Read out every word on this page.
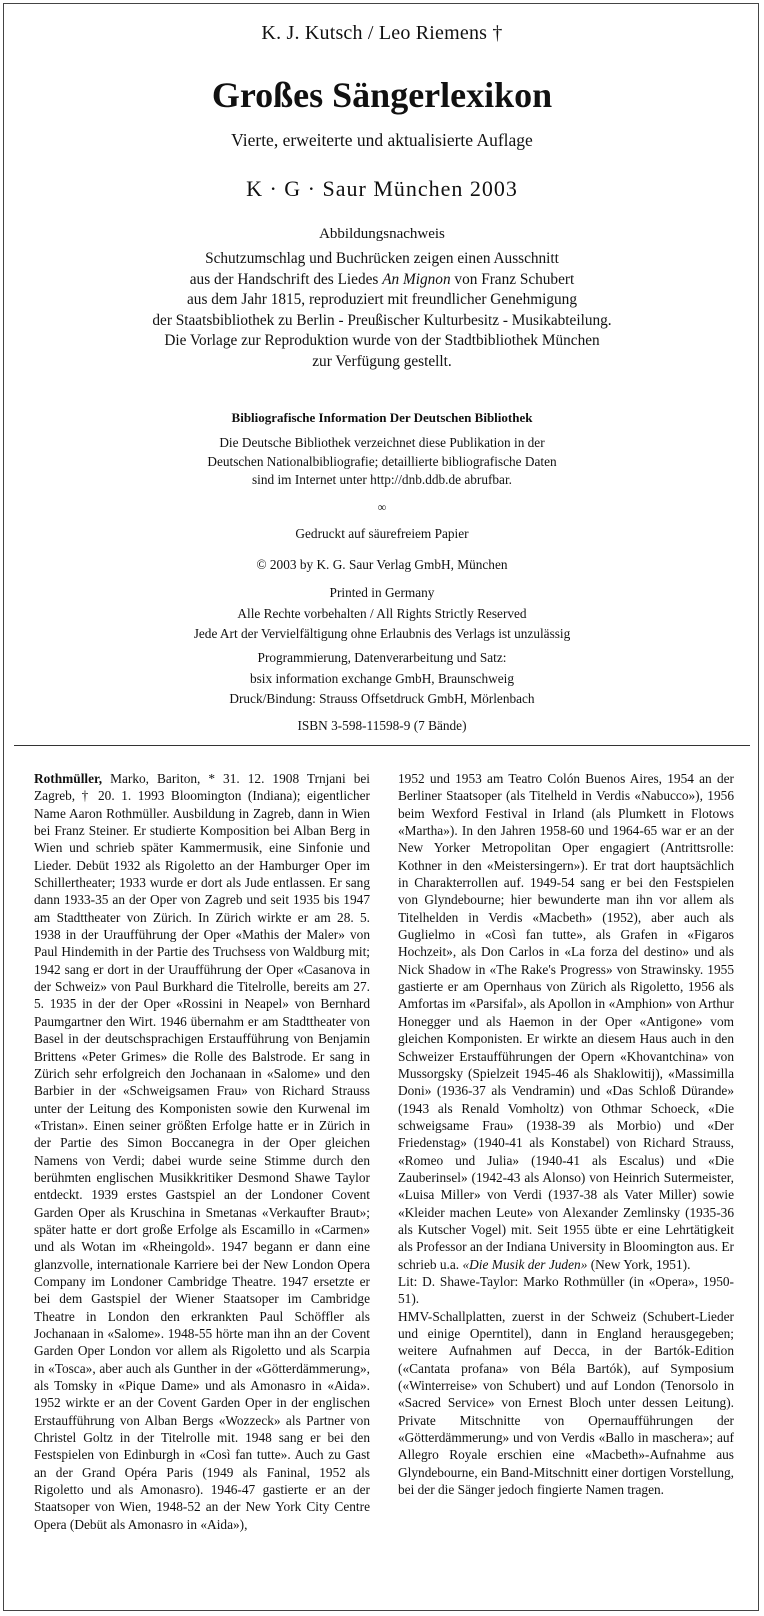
K. J. Kutsch / Leo Riemens †
Großes Sängerlexikon
Vierte, erweiterte und aktualisierte Auflage
K · G · Saur München 2003
Abbildungsnachweis

Schutzumschlag und Buchrücken zeigen einen Ausschnitt

aus der Handschrift des Liedes An Mignon von Franz Schubert

aus dem Jahr 1815, reproduziert mit freundlicher Genehmigung

der Staatsbibliothek zu Berlin - Preußischer Kulturbesitz - Musikabteilung.

Die Vorlage zur Reproduktion wurde von der Stadtbibliothek München

zur Verfügung gestellt.

Bibliografische Information Der Deutschen Bibliothek

Die Deutsche Bibliothek verzeichnet diese Publikation in der

Deutschen Nationalbibliografie; detaillierte bibliografische Daten

sind im Internet unter http://dnb.ddb.de abrufbar.

∞
Gedruckt auf säurefreiem Papier
© 2003 by K. G. Saur Verlag GmbH, München

Printed in Germany

Alle Rechte vorbehalten / All Rights Strictly Reserved

Jede Art der Vervielfältigung ohne Erlaubnis des Verlags ist unzulässig

Programmierung, Datenverarbeitung und Satz:

bsix information exchange GmbH, Braunschweig

Druck/Bindung: Strauss Offsetdruck GmbH, Mörlenbach

ISBN 3-598-11598-9 (7 Bände)

Rothmüller, Marko, Bariton, * 31. 12. 1908 Trnjani bei Zagreb, † 20. 1. 1993 Bloomington (Indiana); eigentlicher Name Aaron Rothmüller. Ausbildung in Zagreb, dann in Wien bei Franz Steiner. Er studierte Komposition bei Alban Berg in Wien und schrieb später Kammermusik, eine Sinfonie und Lieder. Debüt 1932 als Rigoletto an der Hamburger Oper im Schillertheater; 1933 wurde er dort als Jude entlassen. Er sang dann 1933-35 an der Oper von Zagreb und seit 1935 bis 1947 am Stadttheater von Zürich. In Zürich wirkte er am 28. 5. 1938 in der Uraufführung der Oper «Mathis der Maler» von Paul Hindemith in der Partie des Truchsess von Waldburg mit; 1942 sang er dort in der Uraufführung der Oper «Casanova in der Schweiz» von Paul Burkhard die Titelrolle, bereits am 27. 5. 1935 in der der Oper «Rossini in Neapel» von Bernhard Paumgartner den Wirt. 1946 übernahm er am Stadttheater von Basel in der deutschsprachigen Erstaufführung von Benjamin Brittens «Peter Grimes» die Rolle des Balstrode. Er sang in Zürich sehr erfolgreich den Jochanaan in «Salome» und den Barbier in der «Schweigsamen Frau» von Richard Strauss unter der Leitung des Komponisten sowie den Kurwenal im «Tristan». Einen seiner größten Erfolge hatte er in Zürich in der Partie des Simon Boccanegra in der Oper gleichen Namens von Verdi; dabei wurde seine Stimme durch den berühmten englischen Musikkritiker Desmond Shawe Taylor entdeckt. 1939 erstes Gastspiel an der Londoner Covent Garden Oper als Kruschina in Smetanas «Verkaufter Braut»; später hatte er dort große Erfolge als Escamillo in «Carmen» und als Wotan im «Rheingold». 1947 begann er dann eine glanzvolle, internationale Karriere bei der New London Opera Company im Londoner Cambridge Theatre. 1947 ersetzte er bei dem Gastspiel der Wiener Staatsoper im Cambridge Theatre in London den erkrankten Paul Schöffler als Jochanaan in «Salome». 1948-55 hörte man ihn an der Covent Garden Oper London vor allem als Rigoletto und als Scarpia in «Tosca», aber auch als Gunther in der «Götterdämmerung», als Tomsky in «Pique Dame» und als Amonasro in «Aida». 1952 wirkte er an der Covent Garden Oper in der englischen Erstaufführung von Alban Bergs «Wozzeck» als Partner von Christel Goltz in der Titelrolle mit. 1948 sang er bei den Festspielen von Edinburgh in «Così fan tutte». Auch zu Gast an der Grand Opéra Paris (1949 als Faninal, 1952 als Rigoletto und als Amonasro). 1946-47 gastierte er an der Staatsoper von Wien, 1948-52 an der New York City Centre Opera (Debüt als Amonasro in «Aida»),

1952 und 1953 am Teatro Colón Buenos Aires, 1954 an der Berliner Staatsoper (als Titelheld in Verdis «Nabucco»), 1956 beim Wexford Festival in Irland (als Plumkett in Flotows «Martha»). In den Jahren 1958-60 und 1964-65 war er an der New Yorker Metropolitan Oper engagiert (Antrittsrolle: Kothner in den «Meistersingern»). Er trat dort hauptsächlich in Charakterrollen auf. 1949-54 sang er bei den Festspielen von Glyndebourne; hier bewunderte man ihn vor allem als Titelhelden in Verdis «Macbeth» (1952), aber auch als Guglielmo in «Così fan tutte», als Grafen in «Figaros Hochzeit», als Don Carlos in «La forza del destino» und als Nick Shadow in «The Rake's Progress» von Strawinsky. 1955 gastierte er am Opernhaus von Zürich als Rigoletto, 1956 als Amfortas im «Parsifal», als Apollon in «Amphion» von Arthur Honegger und als Haemon in der Oper «Antigone» vom gleichen Komponisten. Er wirkte an diesem Haus auch in den Schweizer Erstaufführungen der Opern «Khovantchina» von Mussorgsky (Spielzeit 1945-46 als Shaklowitij), «Massimilla Doni» (1936-37 als Vendramin) und «Das Schloß Dürande» (1943 als Renald Vomholtz) von Othmar Schoeck, «Die schweigsame Frau» (1938-39 als Morbio) und «Der Friedenstag» (1940-41 als Konstabel) von Richard Strauss, «Romeo und Julia» (1940-41 als Escalus) und «Die Zauberinsel» (1942-43 als Alonso) von Heinrich Sutermeister, «Luisa Miller» von Verdi (1937-38 als Vater Miller) sowie «Kleider machen Leute» von Alexander Zemlinsky (1935-36 als Kutscher Vogel) mit. Seit 1955 übte er eine Lehrtätigkeit als Professor an der Indiana University in Bloomington aus. Er schrieb u.a. «Die Musik der Juden» (New York, 1951).

Lit: D. Shawe-Taylor: Marko Rothmüller (in «Opera», 1950-51).

HMV-Schallplatten, zuerst in der Schweiz (Schubert-Lieder und einige Operntitel), dann in England herausgegeben; weitere Aufnahmen auf Decca, in der Bartók-Edition («Cantata profana» von Béla Bartók), auf Symposium («Winterreise» von Schubert) und auf London (Tenorsolo in «Sacred Service» von Ernest Bloch unter dessen Leitung). Private Mitschnitte von Opernaufführungen der «Götterdämmerung» und von Verdis «Ballo in maschera»; auf Allegro Royale erschien eine «Macbeth»-Aufnahme aus Glyndebourne, ein Band-Mitschnitt einer dortigen Vorstellung, bei der die Sänger jedoch fingierte Namen tragen.
